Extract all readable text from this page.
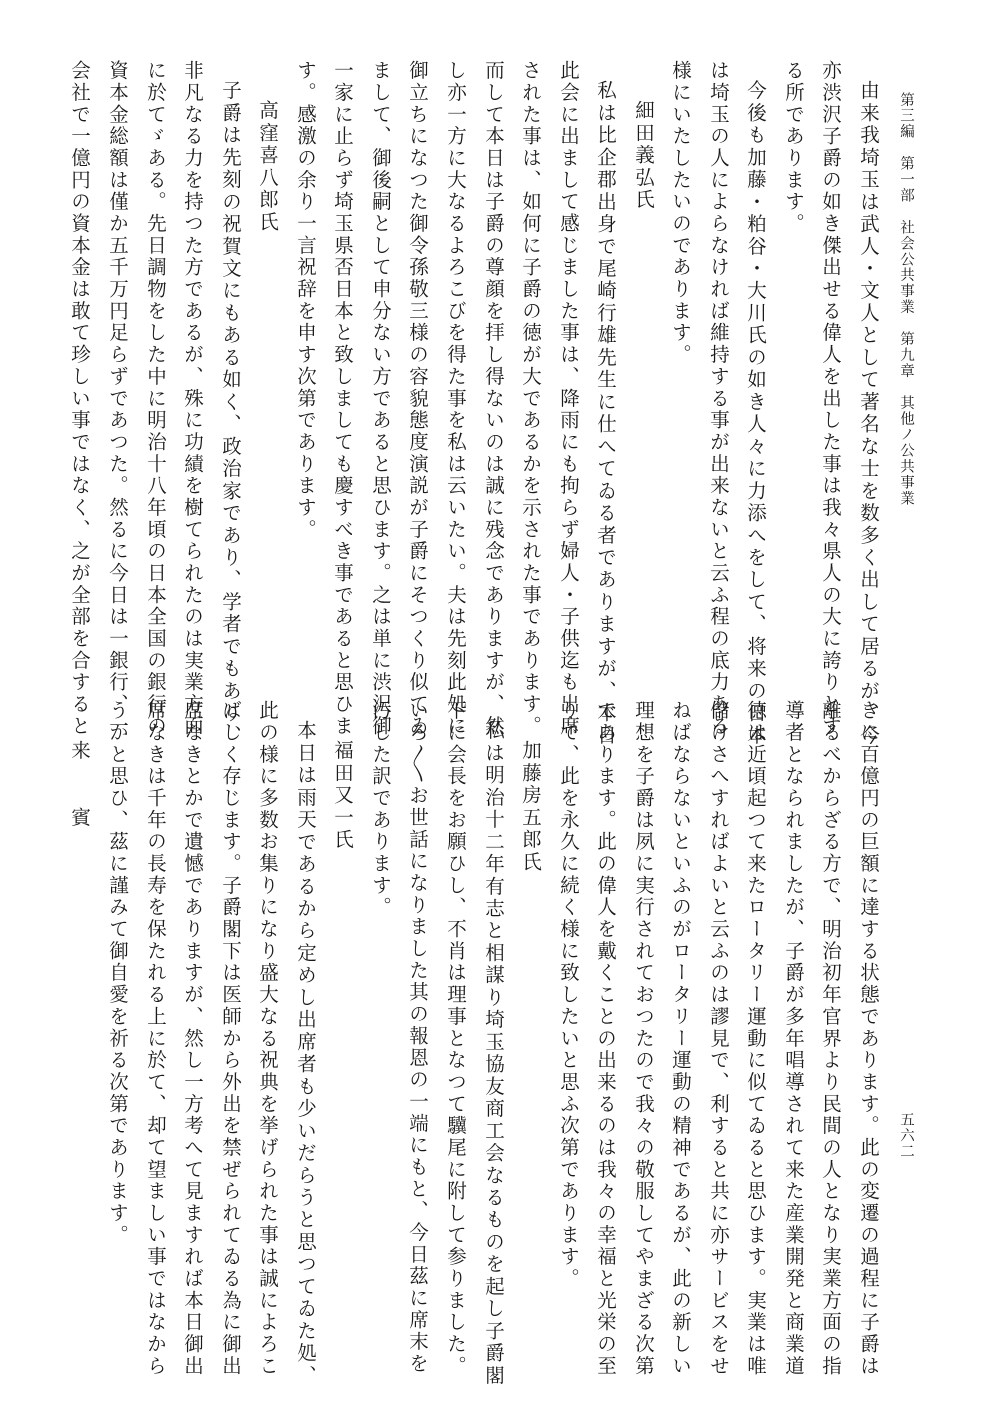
第三編　第一部　社会公共事業　第九章　其他ノ公共事業
五六二
由来我埼玉は武人・文人として著名な士を数多く出して居るが、今
亦渋沢子爵の如き傑出せる偉人を出した事は我々県人の大に誇りとす
る所であります。
今後も加藤・粕谷・大川氏の如き人々に力添へをして、将来の日本
は埼玉の人によらなければ維持する事が出来ないと云ふ程の底力ある
様にいたしたいのであります。
細田義弘氏
私は比企郡出身で尾崎行雄先生に仕へてゐる者でありますが、本日
此会に出まして感じました事は、降雨にも拘らず婦人・子供迄も出席
された事は、如何に子爵の徳が大であるかを示された事であります。
而して本日は子爵の尊顔を拝し得ないのは誠に残念でありますが、然
し亦一方に大なるよろこびを得た事を私は云いたい。夫は先刻此処に
御立ちになつた御令孫敬三様の容貌態度演説が子爵にそつくり似てゐ
まして、御後嗣として申分ない方であると思ひます。之は単に渋沢御
一家に止らず埼玉県否日本と致しましても慶すべき事であると思ひま
す。感激の余り一言祝辞を申す次第であります。
高窪喜八郎氏
子爵は先刻の祝賀文にもある如く、政治家であり、学者でもあり、
非凡なる力を持つた方であるが、殊に功績を樹てられたのは実業方面
に於てゞある。先日調物をした中に明治十八年頃の日本全国の銀行の
資本金総額は僅か五千万円足らずであつた。然るに今日は一銀行、一
会社で一億円の資本金は敢て珍しい事ではなく、之が全部を合すると
きに百億円の巨額に達する状態であります。此の変遷の過程に子爵は
離るべからざる方で、明治初年官界より民間の人となり実業方面の指
導者となられましたが、子爵が多年唱導されて来た産業開発と商業道
徳は近頃起つて来たロータリー運動に似てゐると思ひます。実業は唯
儲けさへすればよいと云ふのは謬見で、利すると共に亦サービスをせ
ねばならないといふのがロータリー運動の精神であるが、此の新しい
理想を子爵は夙に実行されておつたので我々の敬服してやまざる次第
であります。此の偉人を戴くことの出来るのは我々の幸福と光栄の至
りで、此を永久に続く様に致したいと思ふ次第であります。
加藤房五郎氏
私は明治十二年有志と相謀り埼玉協友商工会なるものを起し子爵閣
下に会長をお願ひし、不肖は理事となつて驥尾に附して参りました。
いろ〳〵お世話になりました其の報恩の一端にもと、今日茲に席末を
汚した訳であります。
福田又一氏
本日は雨天であるから定めし出席者も少いだらうと思つてゐた処、
此の様に多数お集りになり盛大なる祝典を挙げられた事は誠によろこ
ばしく存じます。子爵閣下は医師から外出を禁ぜられてゐる為に御出
席なきとかで遺憾でありますが、然し一方考へて見ますれば本日御出
席なきは千年の長寿を保たれる上に於て、却て望ましい事ではなから
うかと思ひ、茲に謹みて御自愛を祈る次第であります。
来　　賓
